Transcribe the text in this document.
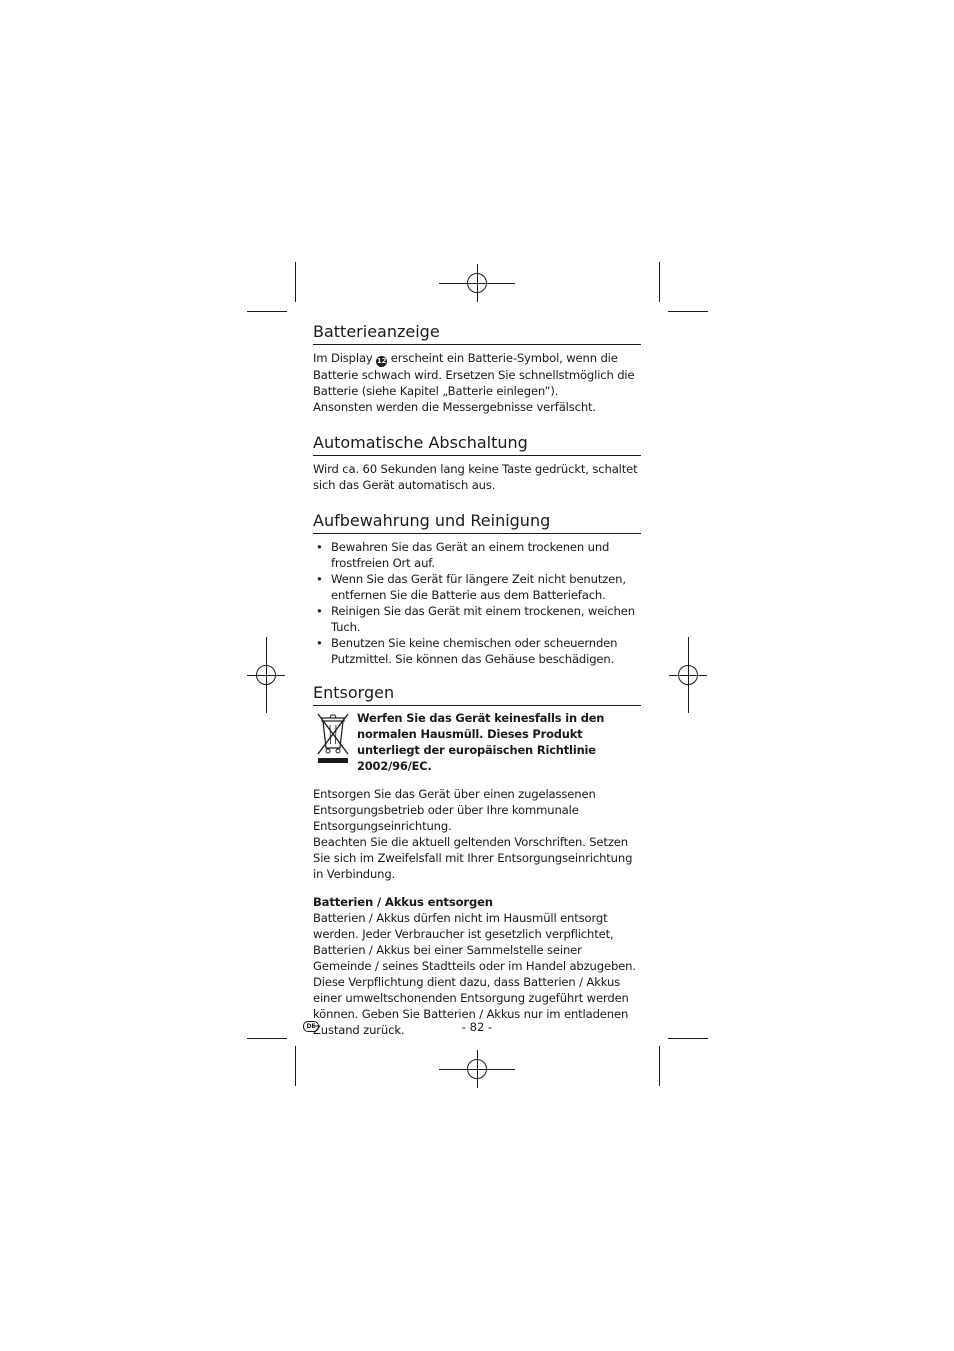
Batterieanzeige

Im Display 12 erscheint ein Batterie-Symbol, wenn die Batterie schwach wird. Ersetzen Sie schnellstmöglich die Batterie (siehe Kapitel „Batterie einlegen”).

Ansonsten werden die Messergebnisse verfälscht.

Automatische Abschaltung

Wird ca. 60 Sekunden lang keine Taste gedrückt, schaltet sich das Gerät automatisch aus.

Aufbewahrung und Reinigung
• Bewahren Sie das Gerät an einem trockenen und frostfreien Ort auf.
• Wenn Sie das Gerät für längere Zeit nicht benutzen, entfernen Sie die Batterie aus dem Batteriefach.
• Reinigen Sie das Gerät mit einem trockenen, weichen Tuch.
• Benutzen Sie keine chemischen oder scheuernden Putzmittel. Sie können das Gehäuse beschädigen.
Entsorgen

Werfen Sie das Gerät keinesfalls in den normalen Hausmüll. Dieses Produkt unterliegt der europäischen Richtlinie 2002/96/EC.

Entsorgen Sie das Gerät über einen zugelassenen Entsorgungsbetrieb oder über Ihre kommunale Entsorgungseinrichtung.

Beachten Sie die aktuell geltenden Vorschriften. Setzen Sie sich im Zweifelsfall mit Ihrer Entsorgungseinrichtung in Verbindung.

Batterien / Akkus entsorgen

Batterien / Akkus dürfen nicht im Hausmüll entsorgt werden. Jeder Verbraucher ist gesetzlich verpflichtet, Batterien / Akkus bei einer Sammelstelle seiner Gemeinde / seines Stadtteils oder im Handel abzugeben.

Diese Verpflichtung dient dazu, dass Batterien / Akkus einer umweltschonenden Entsorgung zugeführt werden können. Geben Sie Batterien / Akkus nur im entladenen Zustand zurück.

DE	- 82 -
